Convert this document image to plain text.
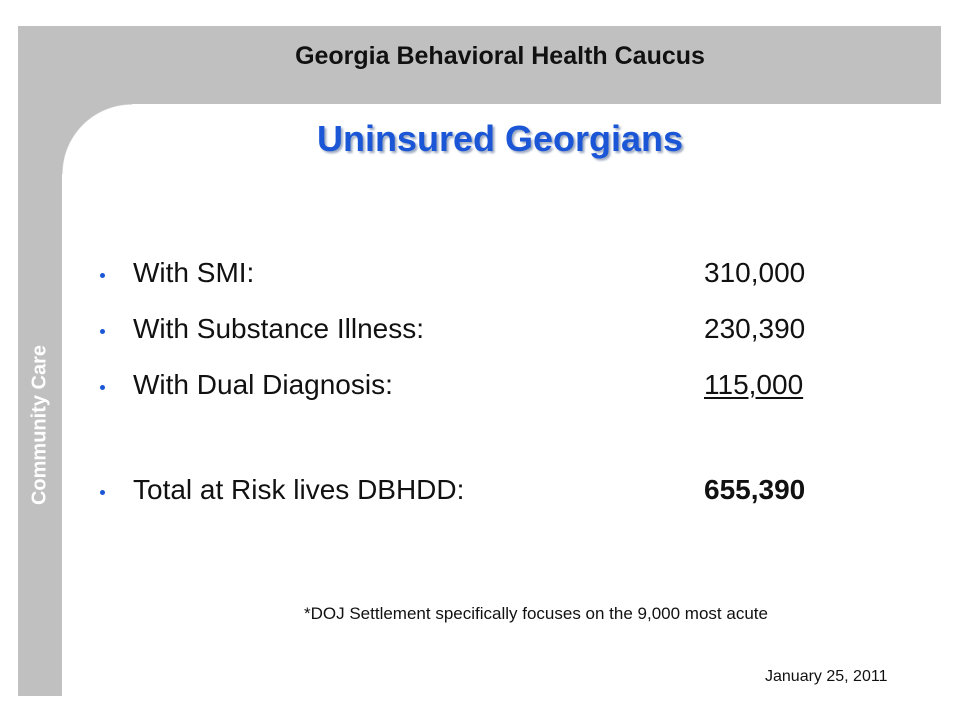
Georgia Behavioral Health Caucus
Community Care
Uninsured Georgians
With SMI:	310,000
With Substance Illness:	230,390
With Dual Diagnosis:	115,000
Total at Risk lives DBHDD:	655,390
*DOJ Settlement specifically focuses on the 9,000 most acute
January 25, 2011
